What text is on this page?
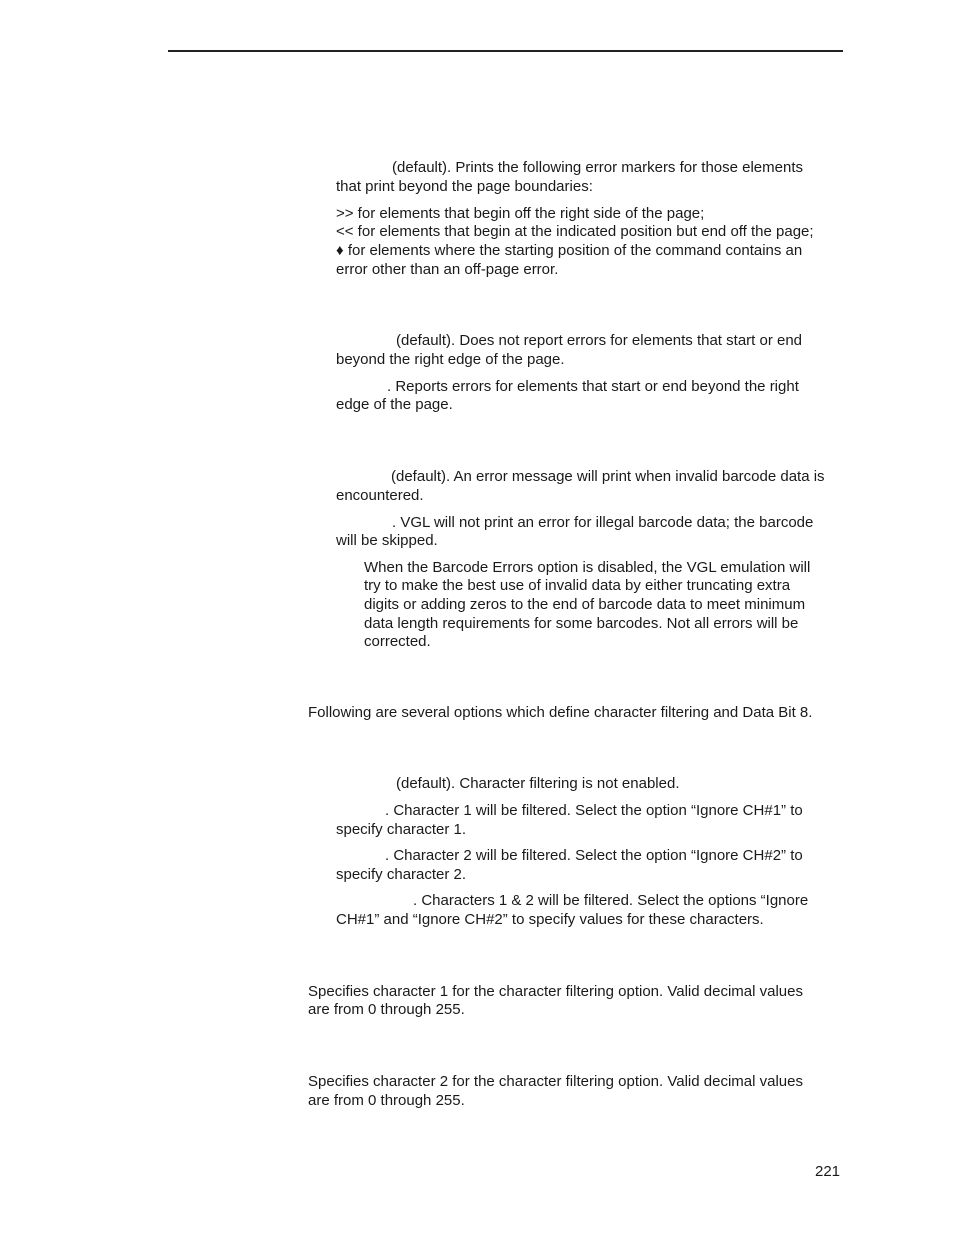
(default). Prints the following error markers for those elements
that print beyond the page boundaries:
>> for elements that begin off the right side of the page;
<< for elements that begin at the indicated position but end off the page;
♦ for elements where the starting position of the command contains an
error other than an off-page error.
(default). Does not report errors for elements that start or end
beyond the right edge of the page.
. Reports errors for elements that start or end beyond the right
edge of the page.
(default). An error message will print when invalid barcode data is
encountered.
. VGL will not print an error for illegal barcode data; the barcode
will be skipped.
When the Barcode Errors option is disabled, the VGL emulation will
try to make the best use of invalid data by either truncating extra
digits or adding zeros to the end of barcode data to meet minimum
data length requirements for some barcodes. Not all errors will be
corrected.
Following are several options which define character filtering and Data Bit 8.
(default). Character filtering is not enabled.
. Character 1 will be filtered. Select the option “Ignore CH#1” to
specify character 1.
. Character 2 will be filtered. Select the option “Ignore CH#2” to
specify character 2.
. Characters 1 & 2 will be filtered. Select the options “Ignore
CH#1” and “Ignore CH#2” to specify values for these characters.
Specifies character 1 for the character filtering option. Valid decimal values
are from 0 through 255.
Specifies character 2 for the character filtering option. Valid decimal values
are from 0 through 255.
221
